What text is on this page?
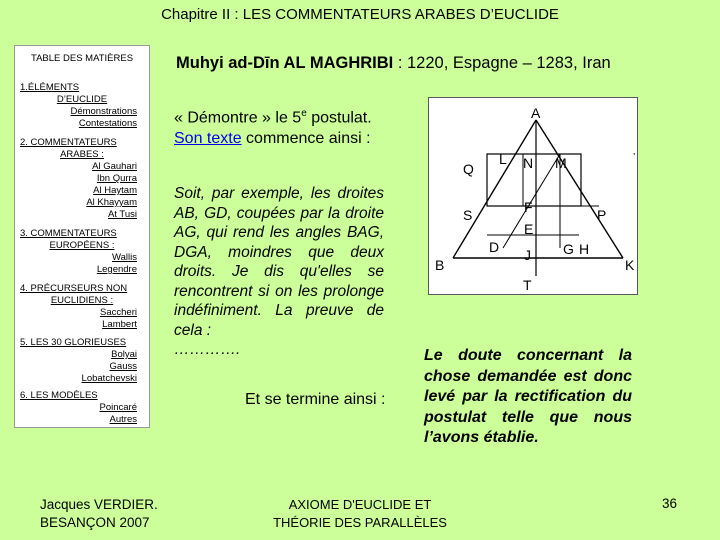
Chapitre II : LES COMMENTATEURS ARABES D’EUCLIDE
TABLE DES MATIÈRES
1.ÉLÉMENTS
D’EUCLIDE
Démonstrations
Contestations
2. COMMENTATEURS
ARABES :
Al Gauhari
Ibn Qurra
Al Haytam
Al Khayyam
At Tusi
3. COMMENTATEURS
EUROPÉENS :
Wallis
Legendre
4. PRÉCURSEURS NON
EUCLIDIENS :
Saccheri
Lambert
5. LES 30 GLORIEUSES
Bolyai
Gauss
Lobatchevski
6. LES MODÈLES
Poincaré
Autres
Muhyi ad-Dīn AL MAGHRIBI : 1220, Espagne – 1283, Iran
« Démontre » le 5e postulat. Son texte commence ainsi :

Soit, par exemple, les droites AB, GD, coupées par la droite AG, qui rend les angles BAG, DGA, moindres que deux droits. Je dis qu'elles se rencontrent si on les prolonge indéfiniment. La preuve de cela :

………….

Et se termine ainsi :
Le doute concernant la chose demandée est donc levé par la rectification du postulat telle que nous l’avons établie.
A
L N M
Q
F
S	P
E
D J G H
B	K
T
’
Jacques VERDIER.
BESANÇON 2007
AXIOME D'EUCLIDE ET
THÉORIE DES PARALLÈLES
36
